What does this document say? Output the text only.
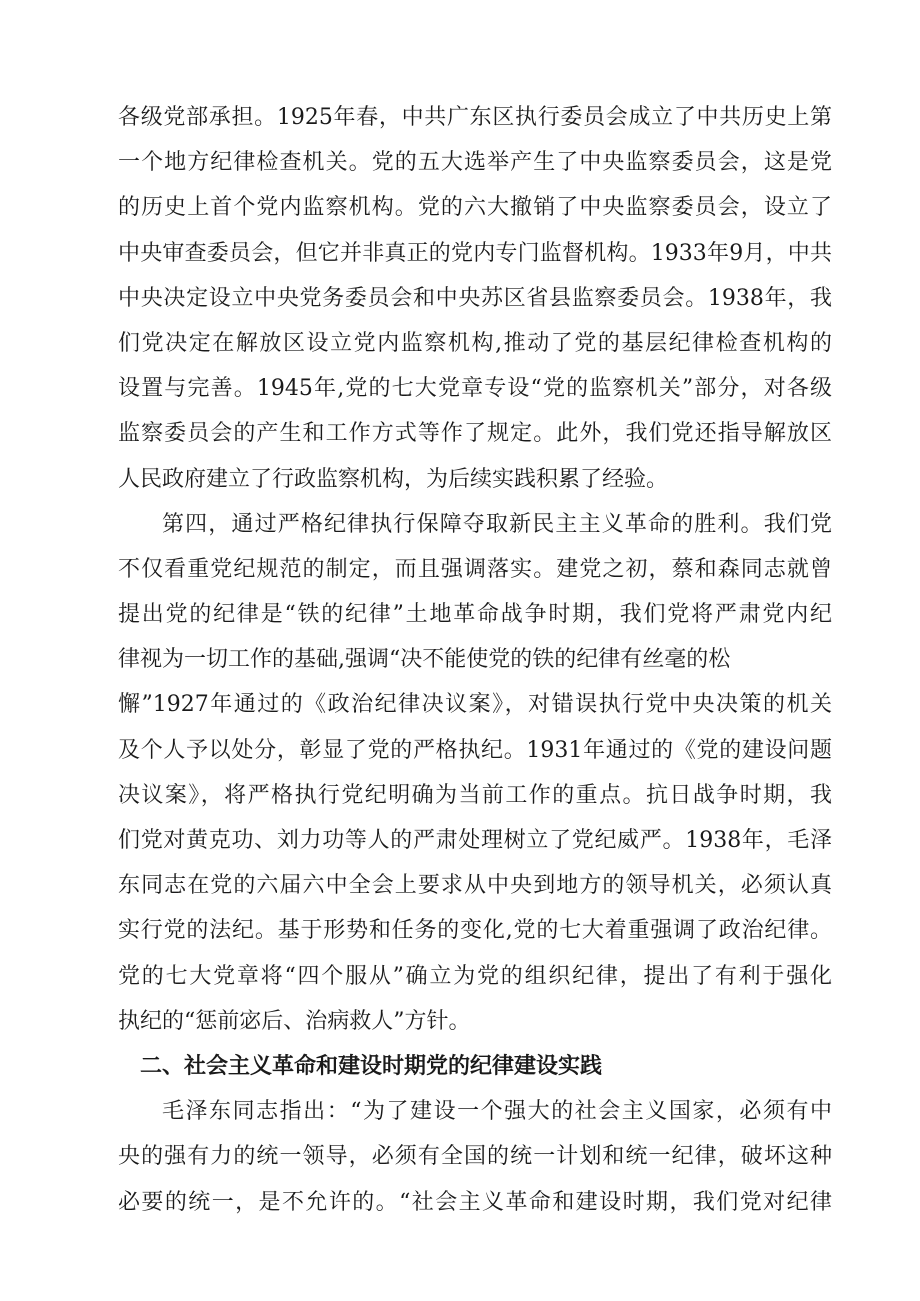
各级党部承担。1925年春，中共广东区执行委员会成立了中共历史上第
一个地方纪律检查机关。党的五大选举产生了中央监察委员会，这是党
的历史上首个党内监察机构。党的六大撤销了中央监察委员会，设立了
中央审查委员会，但它并非真正的党内专门监督机构。1933年9月，中共
中央决定设立中央党务委员会和中央苏区省县监察委员会。1938年，我
们党决定在解放区设立党内监察机构,推动了党的基层纪律检查机构的
设置与完善。1945年,党的七大党章专设“党的监察机关”部分，对各级
监察委员会的产生和工作方式等作了规定。此外，我们党还指导解放区
人民政府建立了行政监察机构，为后续实践积累了经验。
第四，通过严格纪律执行保障夺取新民主主义革命的胜利。我们党
不仅看重党纪规范的制定，而且强调落实。建党之初，蔡和森同志就曾
提出党的纪律是“铁的纪律”土地革命战争时期，我们党将严肃党内纪
律视为一切工作的基础,强调“决不能使党的铁的纪律有丝毫的松
懈”1927年通过的《政治纪律决议案》，对错误执行党中央决策的机关
及个人予以处分，彰显了党的严格执纪。1931年通过的《党的建设问题
决议案》，将严格执行党纪明确为当前工作的重点。抗日战争时期，我
们党对黄克功、刘力功等人的严肃处理树立了党纪威严。1938年，毛泽
东同志在党的六届六中全会上要求从中央到地方的领导机关，必须认真
实行党的法纪。基于形势和任务的变化,党的七大着重强调了政治纪律。
党的七大党章将“四个服从”确立为党的组织纪律，提出了有利于强化
执纪的“惩前宓后、治病救人”方针。
二、社会主义革命和建设时期党的纪律建设实践
毛泽东同志指出：“为了建设一个强大的社会主义国家，必须有中
央的强有力的统一领导，必须有全国的统一计划和统一纪律，破坏这种
必要的统一，是不允许的。“社会主义革命和建设时期，我们党对纪律
